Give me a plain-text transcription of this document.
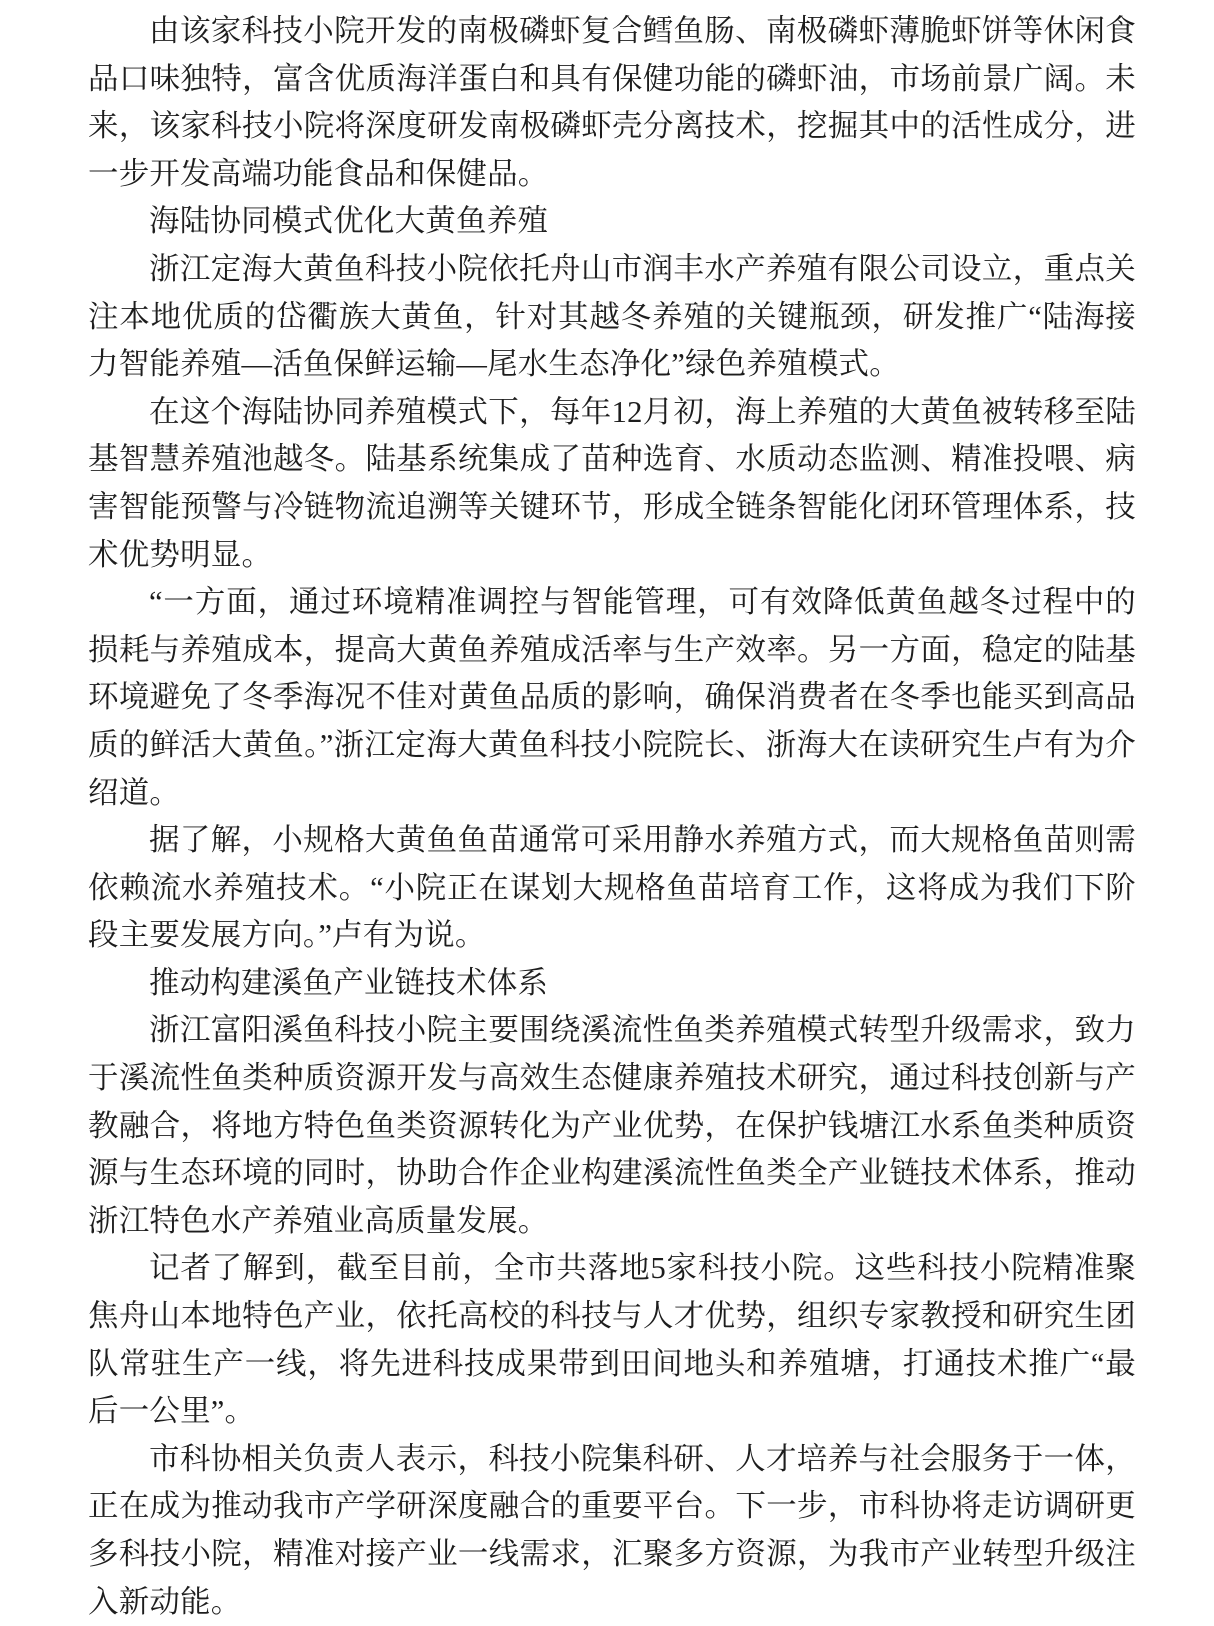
由该家科技小院开发的南极磷虾复合鳕鱼肠、南极磷虾薄脆虾饼等休闲食品口味独特，富含优质海洋蛋白和具有保健功能的磷虾油，市场前景广阔。未来，该家科技小院将深度研发南极磷虾壳分离技术，挖掘其中的活性成分，进一步开发高端功能食品和保健品。

海陆协同模式优化大黄鱼养殖

浙江定海大黄鱼科技小院依托舟山市润丰水产养殖有限公司设立，重点关注本地优质的岱衢族大黄鱼，针对其越冬养殖的关键瓶颈，研发推广“陆海接力智能养殖—活鱼保鲜运输—尾水生态净化”绿色养殖模式。

在这个海陆协同养殖模式下，每年12月初，海上养殖的大黄鱼被转移至陆基智慧养殖池越冬。陆基系统集成了苗种选育、水质动态监测、精准投喂、病害智能预警与冷链物流追溯等关键环节，形成全链条智能化闭环管理体系，技术优势明显。

“一方面，通过环境精准调控与智能管理，可有效降低黄鱼越冬过程中的损耗与养殖成本，提高大黄鱼养殖成活率与生产效率。另一方面，稳定的陆基环境避免了冬季海况不佳对黄鱼品质的影响，确保消费者在冬季也能买到高品质的鲜活大黄鱼。”浙江定海大黄鱼科技小院院长、浙海大在读研究生卢有为介绍道。

据了解，小规格大黄鱼鱼苗通常可采用静水养殖方式，而大规格鱼苗则需依赖流水养殖技术。“小院正在谋划大规格鱼苗培育工作，这将成为我们下阶段主要发展方向。”卢有为说。

推动构建溪鱼产业链技术体系

浙江富阳溪鱼科技小院主要围绕溪流性鱼类养殖模式转型升级需求，致力于溪流性鱼类种质资源开发与高效生态健康养殖技术研究，通过科技创新与产教融合，将地方特色鱼类资源转化为产业优势，在保护钱塘江水系鱼类种质资源与生态环境的同时，协助合作企业构建溪流性鱼类全产业链技术体系，推动浙江特色水产养殖业高质量发展。

记者了解到，截至目前，全市共落地5家科技小院。这些科技小院精准聚焦舟山本地特色产业，依托高校的科技与人才优势，组织专家教授和研究生团队常驻生产一线，将先进科技成果带到田间地头和养殖塘，打通技术推广“最后一公里”。

市科协相关负责人表示，科技小院集科研、人才培养与社会服务于一体，正在成为推动我市产学研深度融合的重要平台。下一步，市科协将走访调研更多科技小院，精准对接产业一线需求，汇聚多方资源，为我市产业转型升级注入新动能。
